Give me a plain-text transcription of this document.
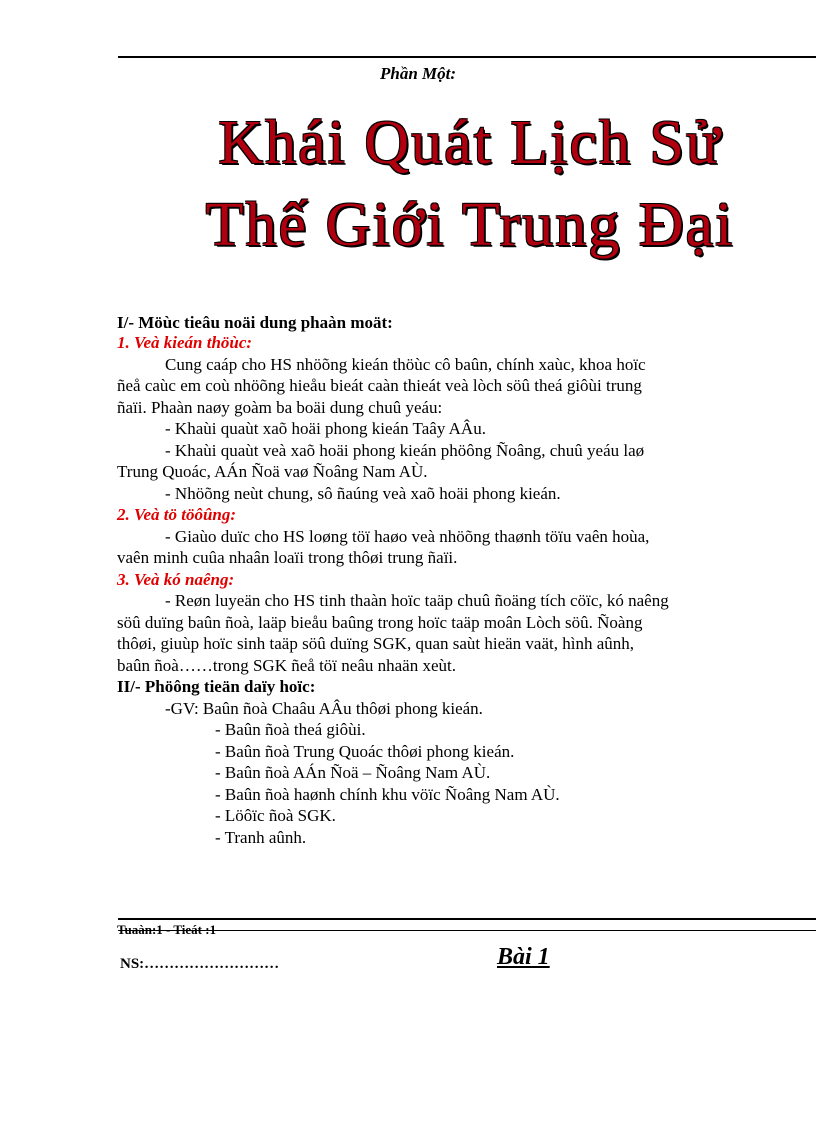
Phần Một:
Khái Quát Lịch Sử
Thế Giới Trung Đại
I/- Möùc tieâu noäi dung phaàn moät:
1. Veà kieán thöùc:
Cung caáp cho HS nhöõng kieán thöùc cô baûn, chính xaùc, khoa hoïc
ñeå caùc em coù nhöõng hieåu bieát caàn thieát veà lòch söû theá giôùi trung
ñaïi. Phaàn naøy goàm ba boäi dung chuû yeáu:
- Khaùi quaùt xaõ hoäi phong kieán Taây AÂu.
- Khaùi quaùt veà xaõ hoäi phong kieán phöông Ñoâng, chuû yeáu laø
Trung Quoác, AÁn Ñoä vaø Ñoâng Nam AÙ.
- Nhöõng neùt chung, sô ñaúng veà xaõ hoäi phong kieán.
2. Veà tö töôûng:
- Giaùo duïc cho HS loøng töï haøo veà nhöõng thaønh töïu vaên hoùa,
vaên minh cuûa nhaân loaïi trong thôøi trung ñaïi.
3. Veà kó naêng:
- Reøn luyeän cho HS tinh thaàn hoïc taäp chuû ñoäng tích cöïc, kó naêng
söû duïng baûn ñoà, laäp bieåu baûng trong hoïc taäp moân Lòch söû. Ñoàng
thôøi, giuùp hoïc sinh taäp söû duïng SGK, quan saùt hieän vaät, hình aûnh,
baûn ñoà……trong SGK ñeå töï neâu nhaän xeùt.
II/- Phöông tieän daïy hoïc:
-GV: Baûn ñoà Chaâu AÂu thôøi phong kieán.
- Baûn ñoà theá giôùi.
- Baûn ñoà Trung Quoác thôøi phong kieán.
- Baûn ñoà AÁn Ñoä – Ñoâng Nam AÙ.
- Baûn ñoà haønh chính khu vöïc Ñoâng Nam AÙ.
- Löôïc ñoà SGK.
- Tranh aûnh.
Tuaàn:1 - Tieát :1
NS:………………………	Bài 1
